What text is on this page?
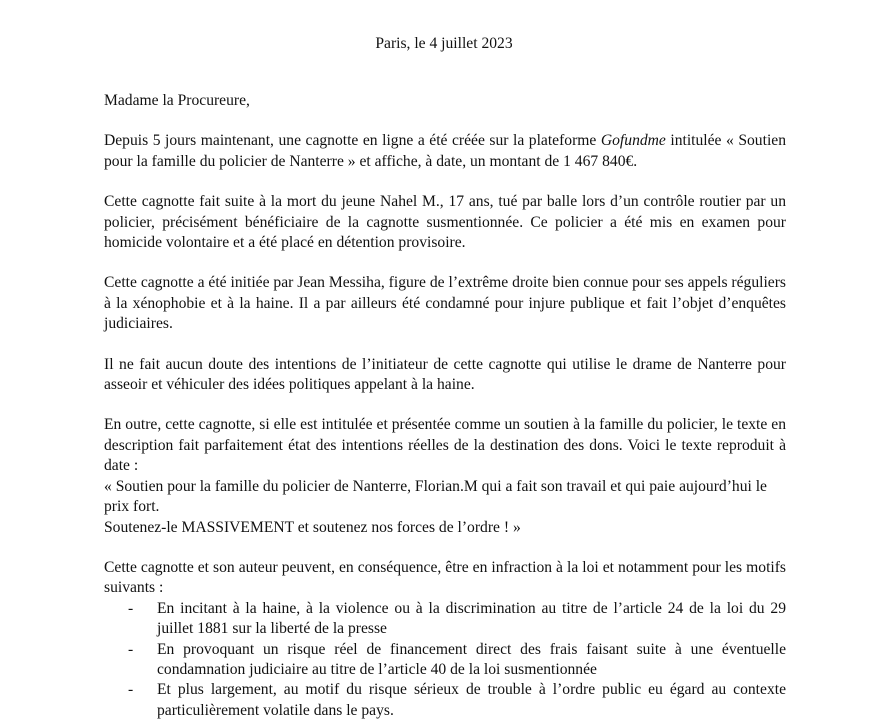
Paris, le 4 juillet 2023

Madame la Procureure,

Depuis 5 jours maintenant, une cagnotte en ligne a été créée sur la plateforme Gofundme intitulée « Soutien pour la famille du policier de Nanterre » et affiche, à date, un montant de 1 467 840€.

Cette cagnotte fait suite à la mort du jeune Nahel M., 17 ans, tué par balle lors d’un contrôle routier par un policier, précisément bénéficiaire de la cagnotte susmentionnée. Ce policier a été mis en examen pour homicide volontaire et a été placé en détention provisoire.

Cette cagnotte a été initiée par Jean Messiha, figure de l’extrême droite bien connue pour ses appels réguliers à la xénophobie et à la haine. Il a par ailleurs été condamné pour injure publique et fait l’objet d’enquêtes judiciaires.

Il ne fait aucun doute des intentions de l’initiateur de cette cagnotte qui utilise le drame de Nanterre pour asseoir et véhiculer des idées politiques appelant à la haine.

En outre, cette cagnotte, si elle est intitulée et présentée comme un soutien à la famille du policier, le texte en description fait parfaitement état des intentions réelles de la destination des dons. Voici le texte reproduit à date :

« Soutien pour la famille du policier de Nanterre, Florian.M qui a fait son travail et qui paie aujourd’hui le prix fort.

Soutenez-le MASSIVEMENT et soutenez nos forces de l’ordre ! »

Cette cagnotte et son auteur peuvent, en conséquence, être en infraction à la loi et notamment pour les motifs suivants :

- En incitant à la haine, à la violence ou à la discrimination au titre de l’article 24 de la loi du 29 juillet 1881 sur la liberté de la presse
- En provoquant un risque réel de financement direct des frais faisant suite à une éventuelle condamnation judiciaire au titre de l’article 40 de la loi susmentionnée
- Et plus largement, au motif du risque sérieux de trouble à l’ordre public eu égard au contexte particulièrement volatile dans le pays.
